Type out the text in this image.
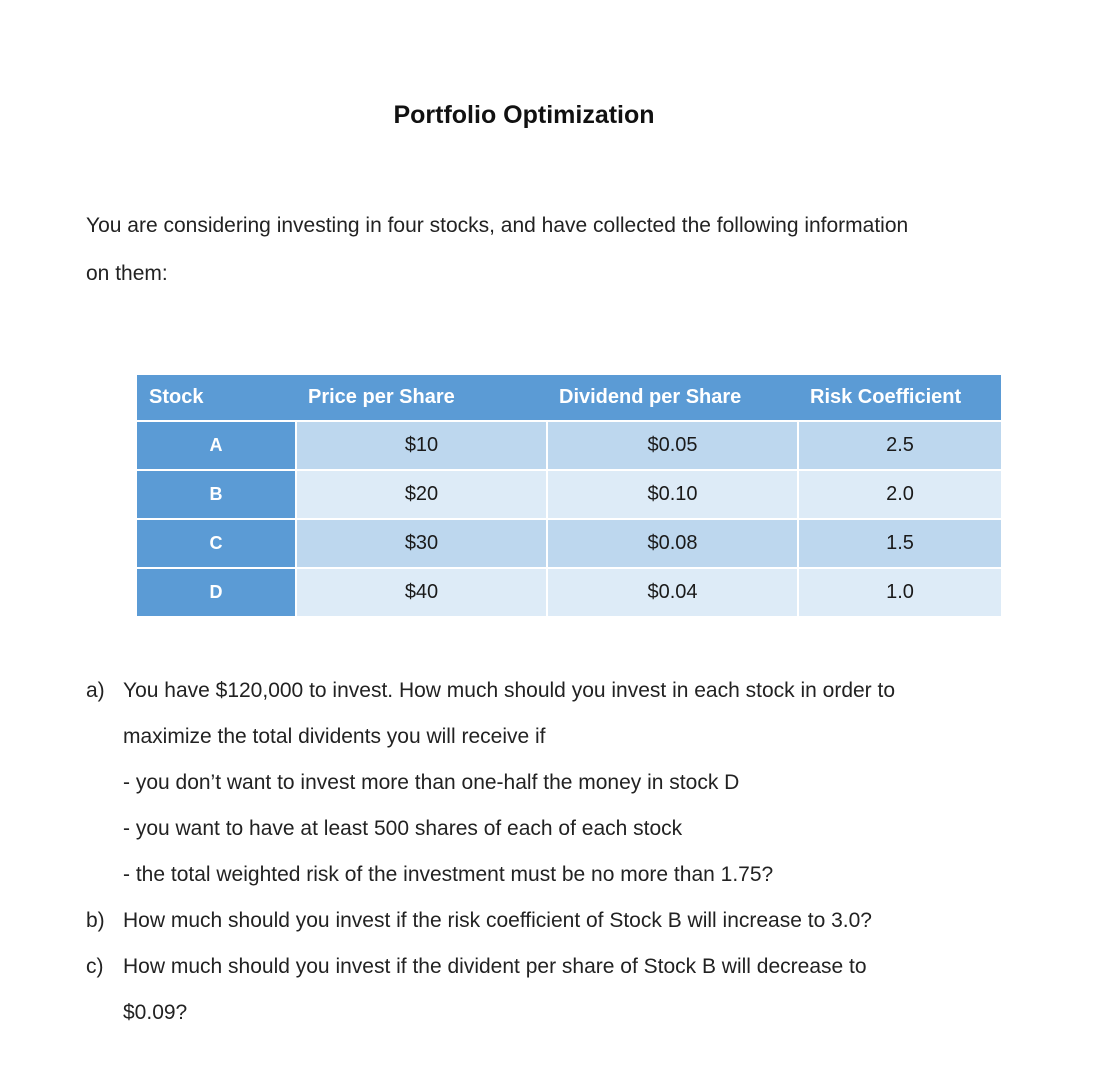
Portfolio Optimization
You are considering investing in four stocks, and have collected the following information
on them:
Stock	Price per Share	Dividend per Share	Risk Coefficient
A	$10	$0.05	2.5
B	$20	$0.10	2.0
C	$30	$0.08	1.5
D	$40	$0.04	1.0
a) You have $120,000 to invest. How much should you invest in each stock in order to
maximize the total dividents you will receive if
- you don’t want to invest more than one-half the money in stock D
- you want to have at least 500 shares of each of each stock
- the total weighted risk of the investment must be no more than 1.75?
b) How much should you invest if the risk coefficient of Stock B will increase to 3.0?
c) How much should you invest if the divident per share of Stock B will decrease to
$0.09?
